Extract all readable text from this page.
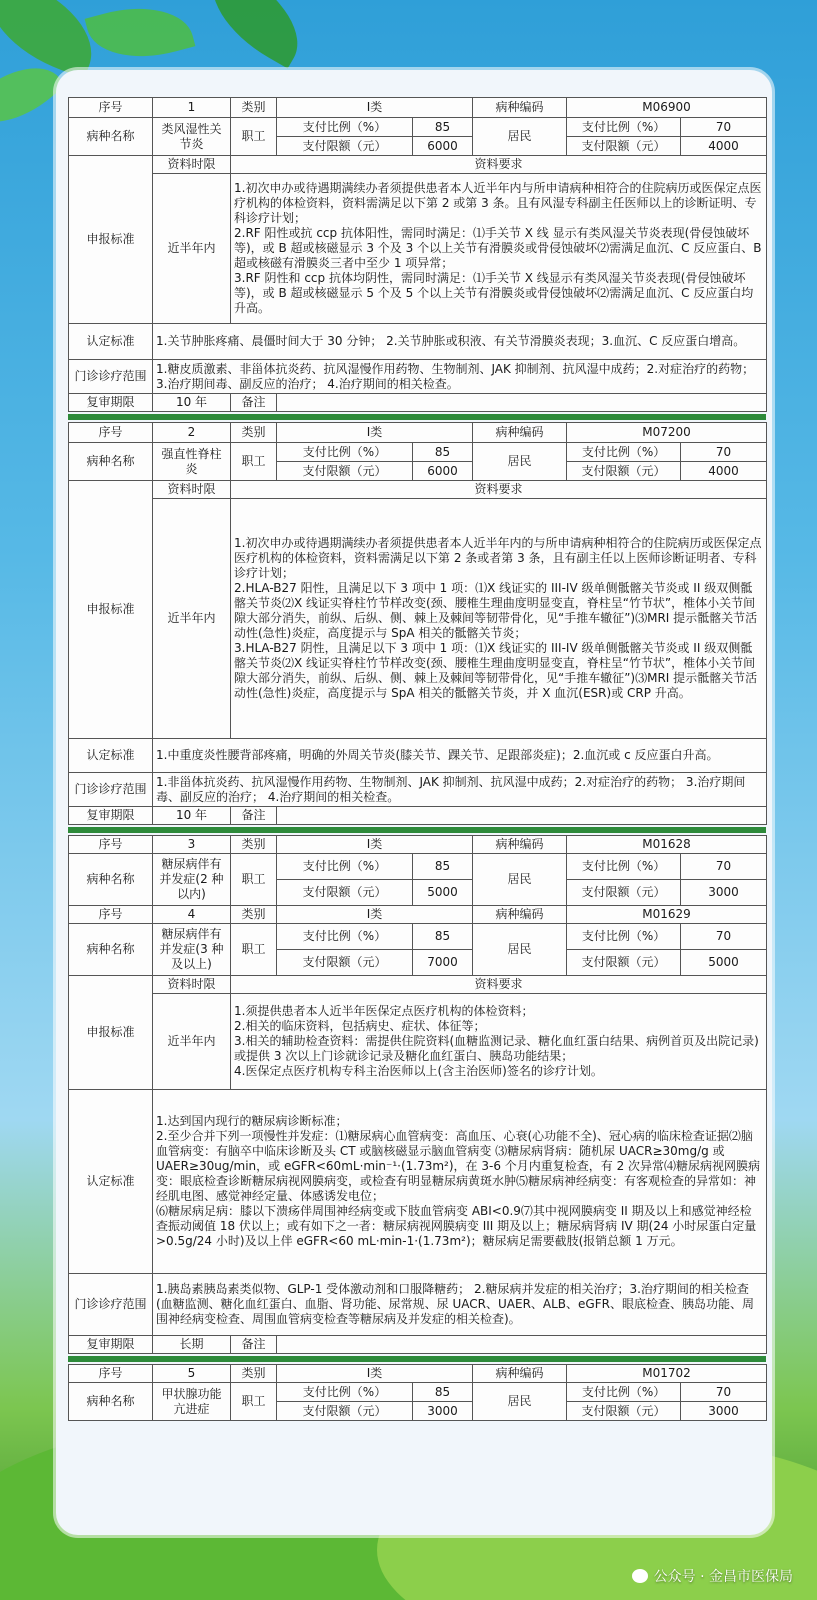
序号	1	类别	Ⅰ类		病种编码	M06900	
病种名称	类风湿性关节炎	职工	支付比例（%）	85	居民	支付比例（%）	70
			支付限额（元）	6000		支付限额（元）	4000
申报标准	资料时限	资料要求					
	近半年内	1.初次申办或待遇期满续办者须提供患者本人近半年内与所申请病种相符合的住院病历或医保定点医疗机构的体检资料，资料需满足以下第 2 或第 3 条。且有风湿专科副主任医师以上的诊断证明、专科诊疗计划；

2.RF 阳性或抗 ccp 抗体阳性，需同时满足：⑴手关节 X 线 显示有类风湿关节炎表现(骨侵蚀破坏等)，或 B 超或核磁显示 3 个及 3 个以上关节有滑膜炎或骨侵蚀破坏⑵需满足血沉、C 反应蛋白、B 超或核磁有滑膜炎三者中至少 1 项异常；

3.RF 阴性和 ccp 抗体均阴性，需同时满足：⑴手关节 X 线显示有类风湿关节炎表现(骨侵蚀破坏等)，或 B 超或核磁显示 5 个及 5 个以上关节有滑膜炎或骨侵蚀破坏⑵需满足血沉、C 反应蛋白均升高。					

认定标准	1.关节肿胀疼痛、晨僵时间大于 30 分钟； 2.关节肿胀或积液、有关节滑膜炎表现；3.血沉、C 反应蛋白增高。						
门诊诊疗范围	1.糖皮质激素、非甾体抗炎药、抗风湿慢作用药物、生物制剂、JAK 抑制剂、抗风湿中成药；2.对症治疗的药物； 3.治疗期间毒、副反应的治疗； 4.治疗期间的相关检查。						
复审期限	10 年	备注					
序号	2	类别	Ⅰ类		病种编码	M07200	
病种名称	强直性脊柱炎	职工	支付比例（%）	85	居民	支付比例（%）	70
			支付限额（元）	6000		支付限额（元）	4000
申报标准	资料时限	资料要求					
	近半年内	1.初次申办或待遇期满续办者须提供患者本人近半年内的与所申请病种相符合的住院病历或医保定点医疗机构的体检资料，资料需满足以下第 2 条或者第 3 条，且有副主任以上医师诊断证明者、专科诊疗计划；

2.HLA-B27 阳性，且满足以下 3 项中 1 项：⑴X 线证实的 III-IV 级单侧骶髂关节炎或 II 级双侧骶髂关节炎⑵X 线证实脊柱竹节样改变(颈、腰椎生理曲度明显变直，脊柱呈“竹节状”，椎体小关节间隙大部分消失，前纵、后纵、侧、棘上及棘间等韧带骨化，见“手推车辙征”)⑶MRI 提示骶髂关节活动性(急性)炎症，高度提示与 SpA 相关的骶髂关节炎；

3.HLA-B27 阴性，且满足以下 3 项中 1 项：⑴X 线证实的 III-IV 级单侧骶髂关节炎或 II 级双侧骶髂关节炎⑵X 线证实脊柱竹节样改变(颈、腰椎生理曲度明显变直，脊柱呈“竹节状”，椎体小关节间隙大部分消失，前纵、后纵、侧、棘上及棘间等韧带骨化，见“手推车辙征”)⑶MRI 提示骶髂关节活动性(急性)炎症，高度提示与 SpA 相关的骶髂关节炎，并 X 血沉(ESR)或 CRP 升高。					

认定标准	1.中重度炎性腰背部疼痛，明确的外周关节炎(膝关节、踝关节、足跟部炎症)；2.血沉或 c 反应蛋白升高。						
门诊诊疗范围	1.非甾体抗炎药、抗风湿慢作用药物、生物制剂、JAK 抑制剂、抗风湿中成药；2.对症治疗的药物； 3.治疗期间毒、副反应的治疗； 4.治疗期间的相关检查。						
复审期限	10 年	备注					
序号	3	类别	Ⅰ类		病种编码	M01628	
病种名称	糖尿病伴有并发症(2 种以内)	职工	支付比例（%）	85	居民	支付比例（%）	70
			支付限额（元）	5000		支付限额（元）	3000
序号	4	类别	Ⅰ类		病种编码	M01629	
病种名称	糖尿病伴有并发症(3 种及以上)	职工	支付比例（%）	85	居民	支付比例（%）	70
			支付限额（元）	7000		支付限额（元）	5000
申报标准	资料时限	资料要求					
	近半年内	1.须提供患者本人近半年医保定点医疗机构的体检资料；

2.相关的临床资料，包括病史、症状、体征等；

3.相关的辅助检查资料：需提供住院资料(血糖监测记录、糖化血红蛋白结果、病例首页及出院记录)或提供 3 次以上门诊就诊记录及糖化血红蛋白、胰岛功能结果；

4.医保定点医疗机构专科主治医师以上(含主治医师)签名的诊疗计划。					

认定标准	1.达到国内现行的糖尿病诊断标准；

2.至少合并下列一项慢性并发症：⑴糖尿病心血管病变：高血压、心衰(心功能不全)、冠心病的临床检查证据⑵脑血管病变：有脑卒中临床诊断及头 CT 或脑核磁显示脑血管病变 ⑶糖尿病肾病：随机尿 UACR≥30mg/g 或 UAER≥30ug/min，或 eGFR<60mL·min⁻¹·(1.73m²)，在 3-6 个月内重复检查，有 2 次异常⑷糖尿病视网膜病变：眼底检查诊断糖尿病视网膜病变，或检查有明显糖尿病黄斑水肿⑸糖尿病神经病变：有客观检查的异常如：神经肌电图、感觉神经定量、体感诱发电位；

⑹糖尿病足病：膝以下溃疡伴周围神经病变或下肢血管病变 ABI<0.9⑺其中视网膜病变 II 期及以上和感觉神经检查振动阈值 18 伏以上；或有如下之一者：糖尿病视网膜病变 III 期及以上；糖尿病肾病 IV 期(24 小时尿蛋白定量>0.5g/24 小时)及以上伴 eGFR<60 mL·min-1·(1.73m²)；糖尿病足需要截肢(报销总额 1 万元。						

门诊诊疗范围	1.胰岛素胰岛素类似物、GLP-1 受体激动剂和口服降糖药； 2.糖尿病并发症的相关治疗；3.治疗期间的相关检查(血糖监测、糖化血红蛋白、血脂、肾功能、尿常规、尿 UACR、UAER、ALB、eGFR、眼底检查、胰岛功能、周围神经病变检查、周围血管病变检查等糖尿病及并发症的相关检查)。						
复审期限	长期	备注					
序号	5	类别	Ⅰ类		病种编码	M01702	
病种名称	甲状腺功能亢进症	职工	支付比例（%）	85	居民	支付比例（%）	70
			支付限额（元）	3000		支付限额（元）	3000
公众号 · 金昌市医保局
